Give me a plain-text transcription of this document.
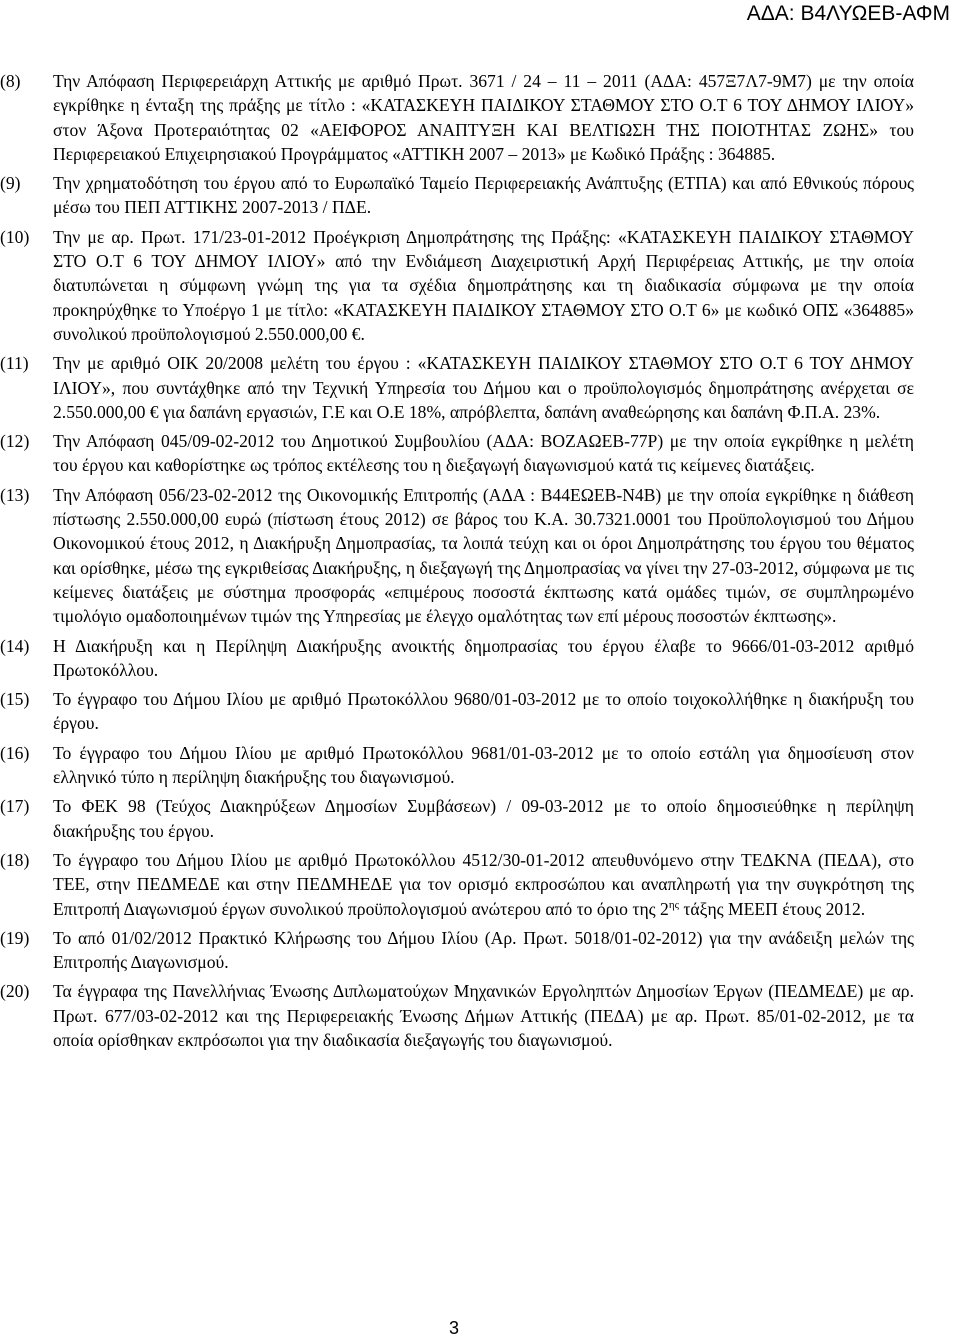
ΑΔΑ: Β4ΛΥΩΕΒ-ΑΦΜ
(8) Την Απόφαση Περιφερειάρχη Αττικής με αριθμό Πρωτ. 3671 / 24 – 11 – 2011 (ΑΔΑ: 457Ξ7Λ7-9Μ7) με την οποία εγκρίθηκε η ένταξη της πράξης με τίτλο : «ΚΑΤΑΣΚΕΥΗ ΠΑΙΔΙΚΟΥ ΣΤΑΘΜΟΥ ΣΤΟ Ο.Τ 6 ΤΟΥ ΔΗΜΟΥ ΙΛΙΟΥ» στον Άξονα Προτεραιότητας 02 «ΑΕΙΦΟΡΟΣ ΑΝΑΠΤΥΞΗ ΚΑΙ ΒΕΛΤΙΩΣΗ ΤΗΣ ΠΟΙΟΤΗΤΑΣ ΖΩΗΣ» του Περιφερειακού Επιχειρησιακού Προγράμματος «ΑΤΤΙΚΗ 2007 – 2013» με Κωδικό Πράξης : 364885.
(9) Την χρηματοδότηση του έργου από το Ευρωπαϊκό Ταμείο Περιφερειακής Ανάπτυξης (ΕΤΠΑ) και από Εθνικούς πόρους μέσω του ΠΕΠ ΑΤΤΙΚΗΣ 2007-2013 / ΠΔΕ.
(10) Την με αρ. Πρωτ. 171/23-01-2012 Προέγκριση Δημοπράτησης της Πράξης: «ΚΑΤΑΣΚΕΥΗ ΠΑΙΔΙΚΟΥ ΣΤΑΘΜΟΥ ΣΤΟ Ο.Τ 6 ΤΟΥ ΔΗΜΟΥ ΙΛΙΟΥ» από την Ενδιάμεση Διαχειριστική Αρχή Περιφέρειας Αττικής, με την οποία διατυπώνεται η σύμφωνη γνώμη της για τα σχέδια δημοπράτησης και τη διαδικασία σύμφωνα με την οποία προκηρύχθηκε το Υποέργο 1 με τίτλο: «ΚΑΤΑΣΚΕΥΗ ΠΑΙΔΙΚΟΥ ΣΤΑΘΜΟΥ ΣΤΟ Ο.Τ 6» με κωδικό ΟΠΣ «364885» συνολικού προϋπολογισμού 2.550.000,00 €.
(11) Την με αριθμό ΟΙΚ 20/2008 μελέτη του έργου : «ΚΑΤΑΣΚΕΥΗ ΠΑΙΔΙΚΟΥ ΣΤΑΘΜΟΥ ΣΤΟ Ο.Τ 6 ΤΟΥ ΔΗΜΟΥ ΙΛΙΟΥ», που συντάχθηκε από την Τεχνική Υπηρεσία του Δήμου και ο προϋπολογισμός δημοπράτησης ανέρχεται σε 2.550.000,00 € για δαπάνη εργασιών, Γ.Ε και Ο.Ε 18%, απρόβλεπτα, δαπάνη αναθεώρησης και δαπάνη Φ.Π.Α. 23%.
(12) Την Απόφαση 045/09-02-2012 του Δημοτικού Συμβουλίου (ΑΔΑ: ΒΟΖΑΩΕΒ-77Ρ) με την οποία εγκρίθηκε η μελέτη του έργου και καθορίστηκε ως τρόπος εκτέλεσης του η διεξαγωγή διαγωνισμού κατά τις κείμενες διατάξεις.
(13) Την Απόφαση 056/23-02-2012 της Οικονομικής Επιτροπής (ΑΔΑ : Β44ΕΩΕΒ-Ν4Β) με την οποία εγκρίθηκε η διάθεση πίστωσης 2.550.000,00 ευρώ (πίστωση έτους 2012) σε βάρος του Κ.Α. 30.7321.0001 του Προϋπολογισμού του Δήμου Οικονομικού έτους 2012, η Διακήρυξη Δημοπρασίας, τα λοιπά τεύχη και οι όροι Δημοπράτησης του έργου του θέματος και ορίσθηκε, μέσω της εγκριθείσας Διακήρυξης, η διεξαγωγή της Δημοπρασίας να γίνει την 27-03-2012, σύμφωνα με τις κείμενες διατάξεις με σύστημα προσφοράς «επιμέρους ποσοστά έκπτωσης κατά ομάδες τιμών, σε συμπληρωμένο τιμολόγιο ομαδοποιημένων τιμών της Υπηρεσίας με έλεγχο ομαλότητας των επί μέρους ποσοστών έκπτωσης».
(14) Η Διακήρυξη και η Περίληψη Διακήρυξης ανοικτής δημοπρασίας του έργου έλαβε το 9666/01-03-2012 αριθμό Πρωτοκόλλου.
(15) Το έγγραφο του Δήμου Ιλίου με αριθμό Πρωτοκόλλου 9680/01-03-2012 με το οποίο τοιχοκολλήθηκε η διακήρυξη του έργου.
(16) Το έγγραφο του Δήμου Ιλίου με αριθμό Πρωτοκόλλου 9681/01-03-2012 με το οποίο εστάλη για δημοσίευση στον ελληνικό τύπο η περίληψη διακήρυξης του διαγωνισμού.
(17) Το ΦΕΚ 98 (Τεύχος Διακηρύξεων Δημοσίων Συμβάσεων) / 09-03-2012 με το οποίο δημοσιεύθηκε η περίληψη διακήρυξης του έργου.
(18) Το έγγραφο του Δήμου Ιλίου με αριθμό Πρωτοκόλλου 4512/30-01-2012 απευθυνόμενο στην ΤΕΔΚΝΑ (ΠΕΔΑ), στο ΤΕΕ, στην ΠΕΔΜΕΔΕ και στην ΠΕΔΜΗΕΔΕ για τον ορισμό εκπροσώπου και αναπληρωτή για την συγκρότηση της Επιτροπή Διαγωνισμού έργων συνολικού προϋπολογισμού ανώτερου από το όριο της $2^{\eta\varsigma}$ τάξης ΜΕΕΠ έτους 2012.
(19) Το από 01/02/2012 Πρακτικό Κλήρωσης του Δήμου Ιλίου (Αρ. Πρωτ. 5018/01-02-2012) για την ανάδειξη μελών της Επιτροπής Διαγωνισμού.
(20) Τα έγγραφα της Πανελλήνιας Ένωσης Διπλωματούχων Μηχανικών Εργοληπτών Δημοσίων Έργων (ΠΕΔΜΕΔΕ) με αρ. Πρωτ. 677/03-02-2012 και της Περιφερειακής Ένωσης Δήμων Αττικής (ΠΕΔΑ) με αρ. Πρωτ. 85/01-02-2012, με τα οποία ορίσθηκαν εκπρόσωποι για την διαδικασία διεξαγωγής του διαγωνισμού.
3
